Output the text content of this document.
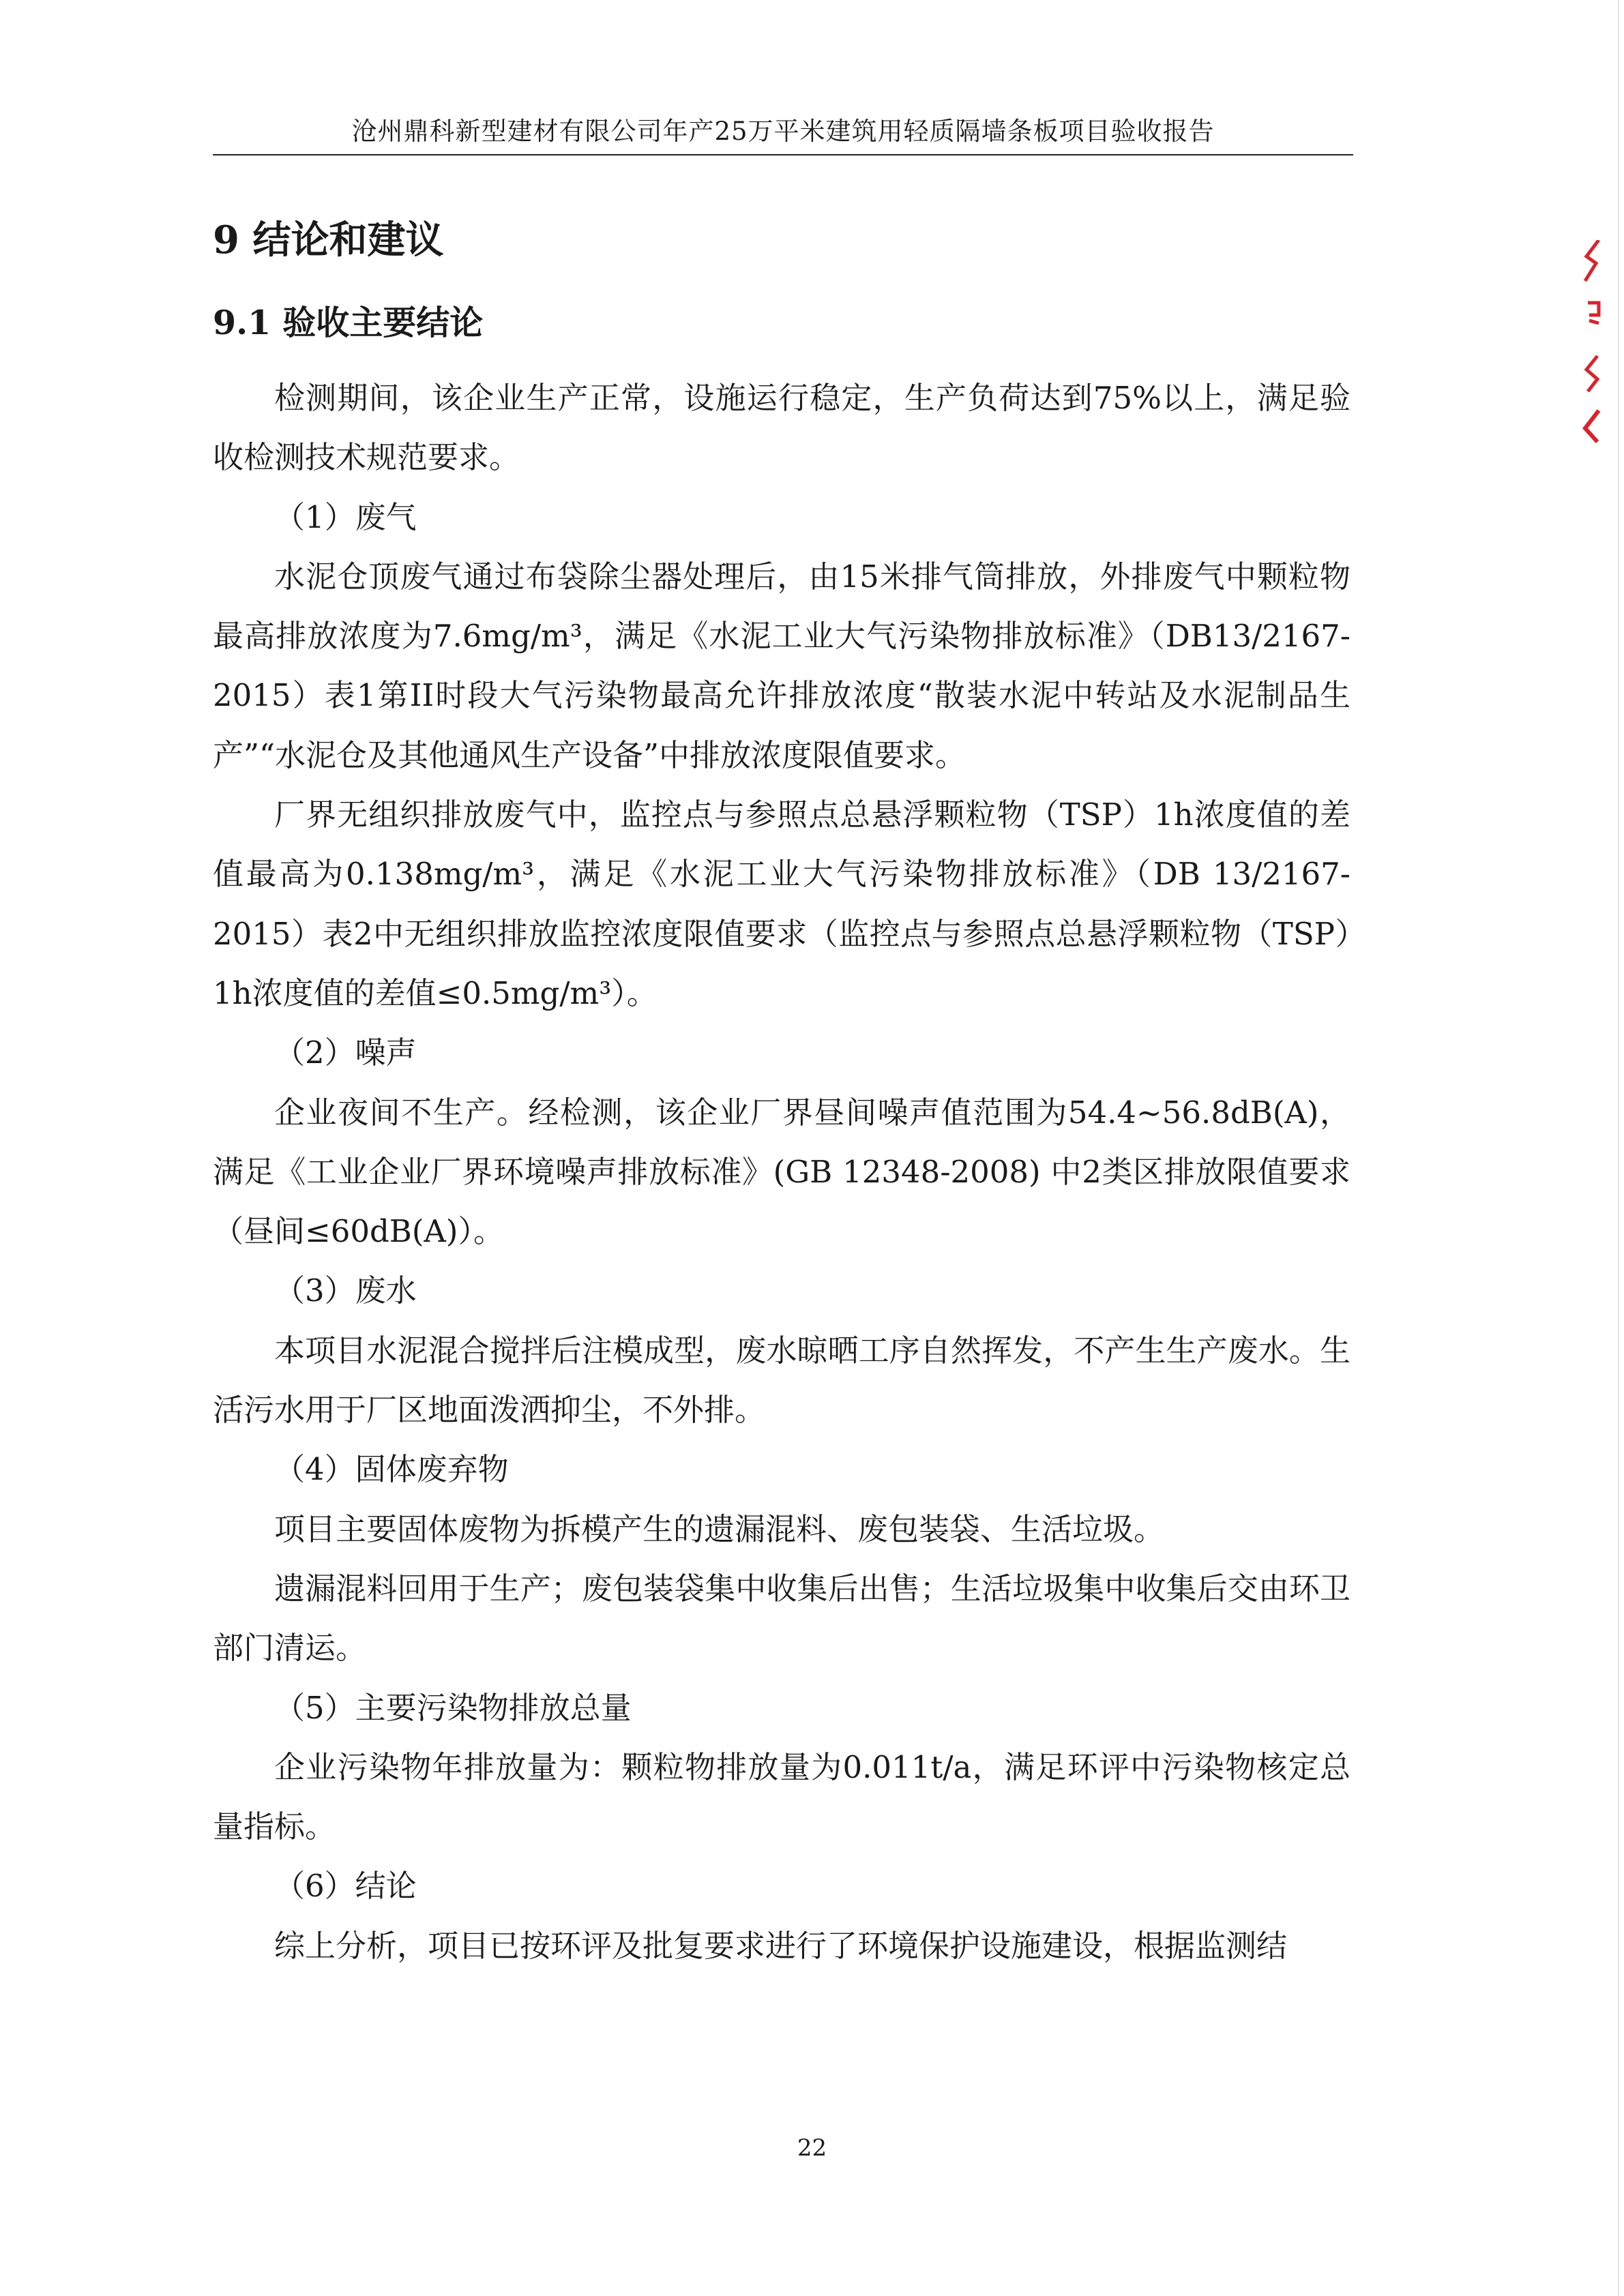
沧州鼎科新型建材有限公司年产25万平米建筑用轻质隔墙条板项目验收报告
9 结论和建议
9.1 验收主要结论

检测期间，该企业生产正常，设施运行稳定，生产负荷达到75%以上，满足验收检测技术规范要求。

（1）废气

水泥仓顶废气通过布袋除尘器处理后，由15米排气筒排放，外排废气中颗粒物最高排放浓度为7.6mg/m³，满足《水泥工业大气污染物排放标准》（DB13/2167-2015）表1第II时段大气污染物最高允许排放浓度“散装水泥中转站及水泥制品生产”“水泥仓及其他通风生产设备”中排放浓度限值要求。

厂界无组织排放废气中，监控点与参照点总悬浮颗粒物（TSP）1h浓度值的差值最高为0.138mg/m³，满足《水泥工业大气污染物排放标准》（DB 13/2167-2015）表2中无组织排放监控浓度限值要求（监控点与参照点总悬浮颗粒物（TSP）1h浓度值的差值≤0.5mg/m³）。

（2）噪声

企业夜间不生产。经检测，该企业厂界昼间噪声值范围为54.4~56.8dB(A)，满足《工业企业厂界环境噪声排放标准》(GB 12348-2008) 中2类区排放限值要求（昼间≤60dB(A)）。

（3）废水

本项目水泥混合搅拌后注模成型，废水晾晒工序自然挥发，不产生生产废水。生活污水用于厂区地面泼洒抑尘，不外排。

（4）固体废弃物

项目主要固体废物为拆模产生的遗漏混料、废包装袋、生活垃圾。

遗漏混料回用于生产；废包装袋集中收集后出售；生活垃圾集中收集后交由环卫部门清运。

（5）主要污染物排放总量

企业污染物年排放量为：颗粒物排放量为0.011t/a，满足环评中污染物核定总量指标。

（6）结论

综上分析，项目已按环评及批复要求进行了环境保护设施建设，根据监测结

22
